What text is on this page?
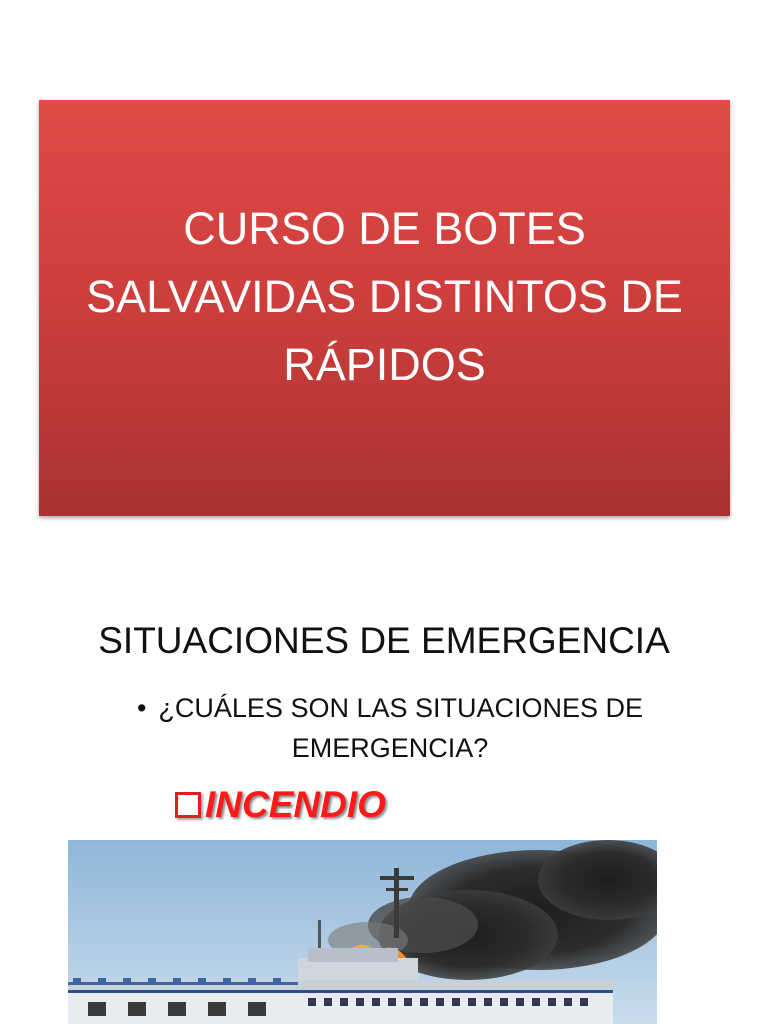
CURSO DE BOTES
SALVAVIDAS DISTINTOS DE
RÁPIDOS
SITUACIONES DE EMERGENCIA
• ¿CUÁLES SON LAS SITUACIONES DE EMERGENCIA?
INCENDIO
